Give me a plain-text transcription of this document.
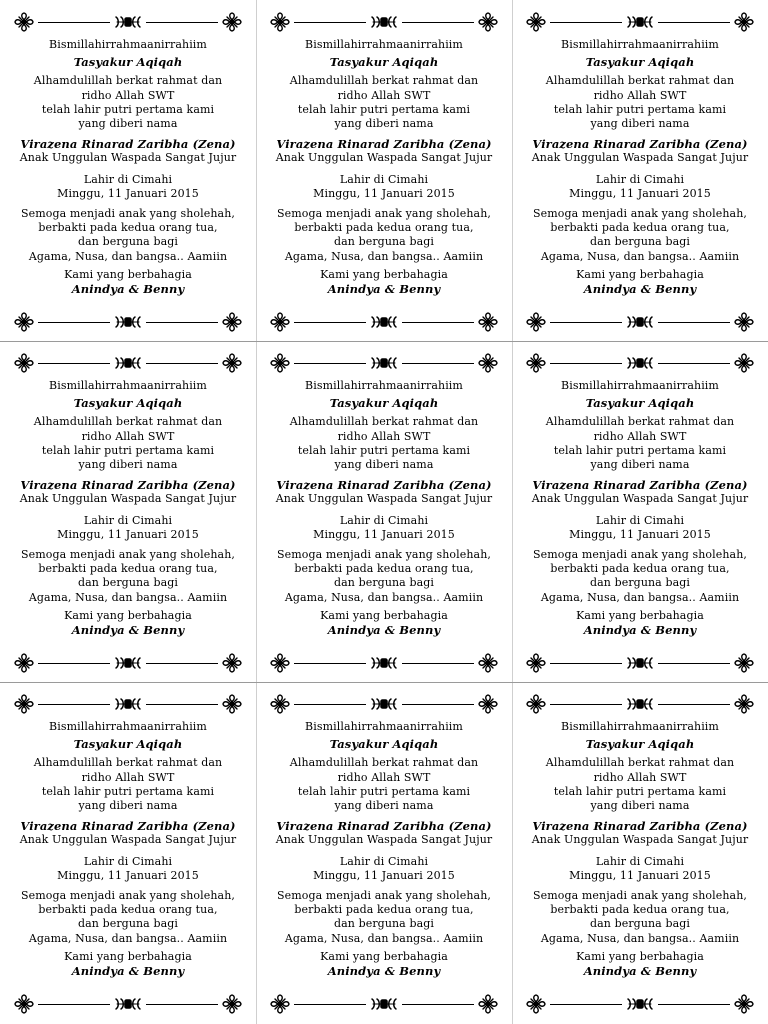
Bismillahirrahmaanirrahiim
Tasyakur Aqiqah
Alhamdulillah berkat rahmat dan
ridho Allah SWT
telah lahir putri pertama kami
yang diberi nama
Virazena Rinarad Zaribha (Zena)
Anak Unggulan Waspada Sangat Jujur
Lahir di Cimahi
Minggu, 11 Januari 2015
Semoga menjadi anak yang sholehah,
berbakti pada kedua orang tua,
dan berguna bagi
Agama, Nusa, dan bangsa.. Aamiin
Kami yang berbahagia
Anindya & Benny
Bismillahirrahmaanirrahiim
Tasyakur Aqiqah
Alhamdulillah berkat rahmat dan
ridho Allah SWT
telah lahir putri pertama kami
yang diberi nama
Virazena Rinarad Zaribha (Zena)
Anak Unggulan Waspada Sangat Jujur
Lahir di Cimahi
Minggu, 11 Januari 2015
Semoga menjadi anak yang sholehah,
berbakti pada kedua orang tua,
dan berguna bagi
Agama, Nusa, dan bangsa.. Aamiin
Kami yang berbahagia
Anindya & Benny
Bismillahirrahmaanirrahiim
Tasyakur Aqiqah
Alhamdulillah berkat rahmat dan
ridho Allah SWT
telah lahir putri pertama kami
yang diberi nama
Virazena Rinarad Zaribha (Zena)
Anak Unggulan Waspada Sangat Jujur
Lahir di Cimahi
Minggu, 11 Januari 2015
Semoga menjadi anak yang sholehah,
berbakti pada kedua orang tua,
dan berguna bagi
Agama, Nusa, dan bangsa.. Aamiin
Kami yang berbahagia
Anindya & Benny
Bismillahirrahmaanirrahiim
Tasyakur Aqiqah
Alhamdulillah berkat rahmat dan
ridho Allah SWT
telah lahir putri pertama kami
yang diberi nama
Virazena Rinarad Zaribha (Zena)
Anak Unggulan Waspada Sangat Jujur
Lahir di Cimahi
Minggu, 11 Januari 2015
Semoga menjadi anak yang sholehah,
berbakti pada kedua orang tua,
dan berguna bagi
Agama, Nusa, dan bangsa.. Aamiin
Kami yang berbahagia
Anindya & Benny
Bismillahirrahmaanirrahiim
Tasyakur Aqiqah
Alhamdulillah berkat rahmat dan
ridho Allah SWT
telah lahir putri pertama kami
yang diberi nama
Virazena Rinarad Zaribha (Zena)
Anak Unggulan Waspada Sangat Jujur
Lahir di Cimahi
Minggu, 11 Januari 2015
Semoga menjadi anak yang sholehah,
berbakti pada kedua orang tua,
dan berguna bagi
Agama, Nusa, dan bangsa.. Aamiin
Kami yang berbahagia
Anindya & Benny
Bismillahirrahmaanirrahiim
Tasyakur Aqiqah
Alhamdulillah berkat rahmat dan
ridho Allah SWT
telah lahir putri pertama kami
yang diberi nama
Virazena Rinarad Zaribha (Zena)
Anak Unggulan Waspada Sangat Jujur
Lahir di Cimahi
Minggu, 11 Januari 2015
Semoga menjadi anak yang sholehah,
berbakti pada kedua orang tua,
dan berguna bagi
Agama, Nusa, dan bangsa.. Aamiin
Kami yang berbahagia
Anindya & Benny
Bismillahirrahmaanirrahiim
Tasyakur Aqiqah
Alhamdulillah berkat rahmat dan
ridho Allah SWT
telah lahir putri pertama kami
yang diberi nama
Virazena Rinarad Zaribha (Zena)
Anak Unggulan Waspada Sangat Jujur
Lahir di Cimahi
Minggu, 11 Januari 2015
Semoga menjadi anak yang sholehah,
berbakti pada kedua orang tua,
dan berguna bagi
Agama, Nusa, dan bangsa.. Aamiin
Kami yang berbahagia
Anindya & Benny
Bismillahirrahmaanirrahiim
Tasyakur Aqiqah
Alhamdulillah berkat rahmat dan
ridho Allah SWT
telah lahir putri pertama kami
yang diberi nama
Virazena Rinarad Zaribha (Zena)
Anak Unggulan Waspada Sangat Jujur
Lahir di Cimahi
Minggu, 11 Januari 2015
Semoga menjadi anak yang sholehah,
berbakti pada kedua orang tua,
dan berguna bagi
Agama, Nusa, dan bangsa.. Aamiin
Kami yang berbahagia
Anindya & Benny
Bismillahirrahmaanirrahiim
Tasyakur Aqiqah
Alhamdulillah berkat rahmat dan
ridho Allah SWT
telah lahir putri pertama kami
yang diberi nama
Virazena Rinarad Zaribha (Zena)
Anak Unggulan Waspada Sangat Jujur
Lahir di Cimahi
Minggu, 11 Januari 2015
Semoga menjadi anak yang sholehah,
berbakti pada kedua orang tua,
dan berguna bagi
Agama, Nusa, dan bangsa.. Aamiin
Kami yang berbahagia
Anindya & Benny
